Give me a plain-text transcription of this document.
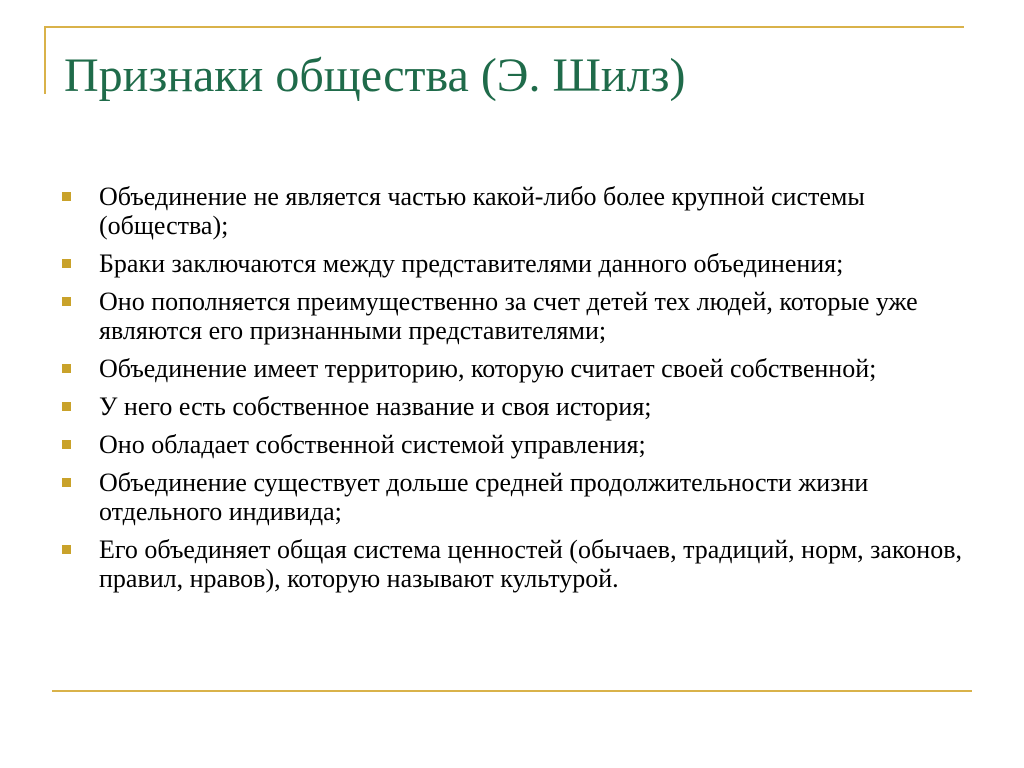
Признаки общества (Э. Шилз)
Объединение не является частью какой-либо более крупной системы (общества);
Браки заключаются между представителями данного объединения;
Оно пополняется преимущественно за счет детей тех людей, которые уже являются его признанными представителями;
Объединение имеет территорию, которую считает своей собственной;
У него есть собственное название и своя история;
Оно обладает собственной системой управления;
Объединение существует дольше средней продолжительности жизни отдельного индивида;
Его объединяет общая система ценностей (обычаев, традиций, норм, законов, правил, нравов), которую называют культурой.
